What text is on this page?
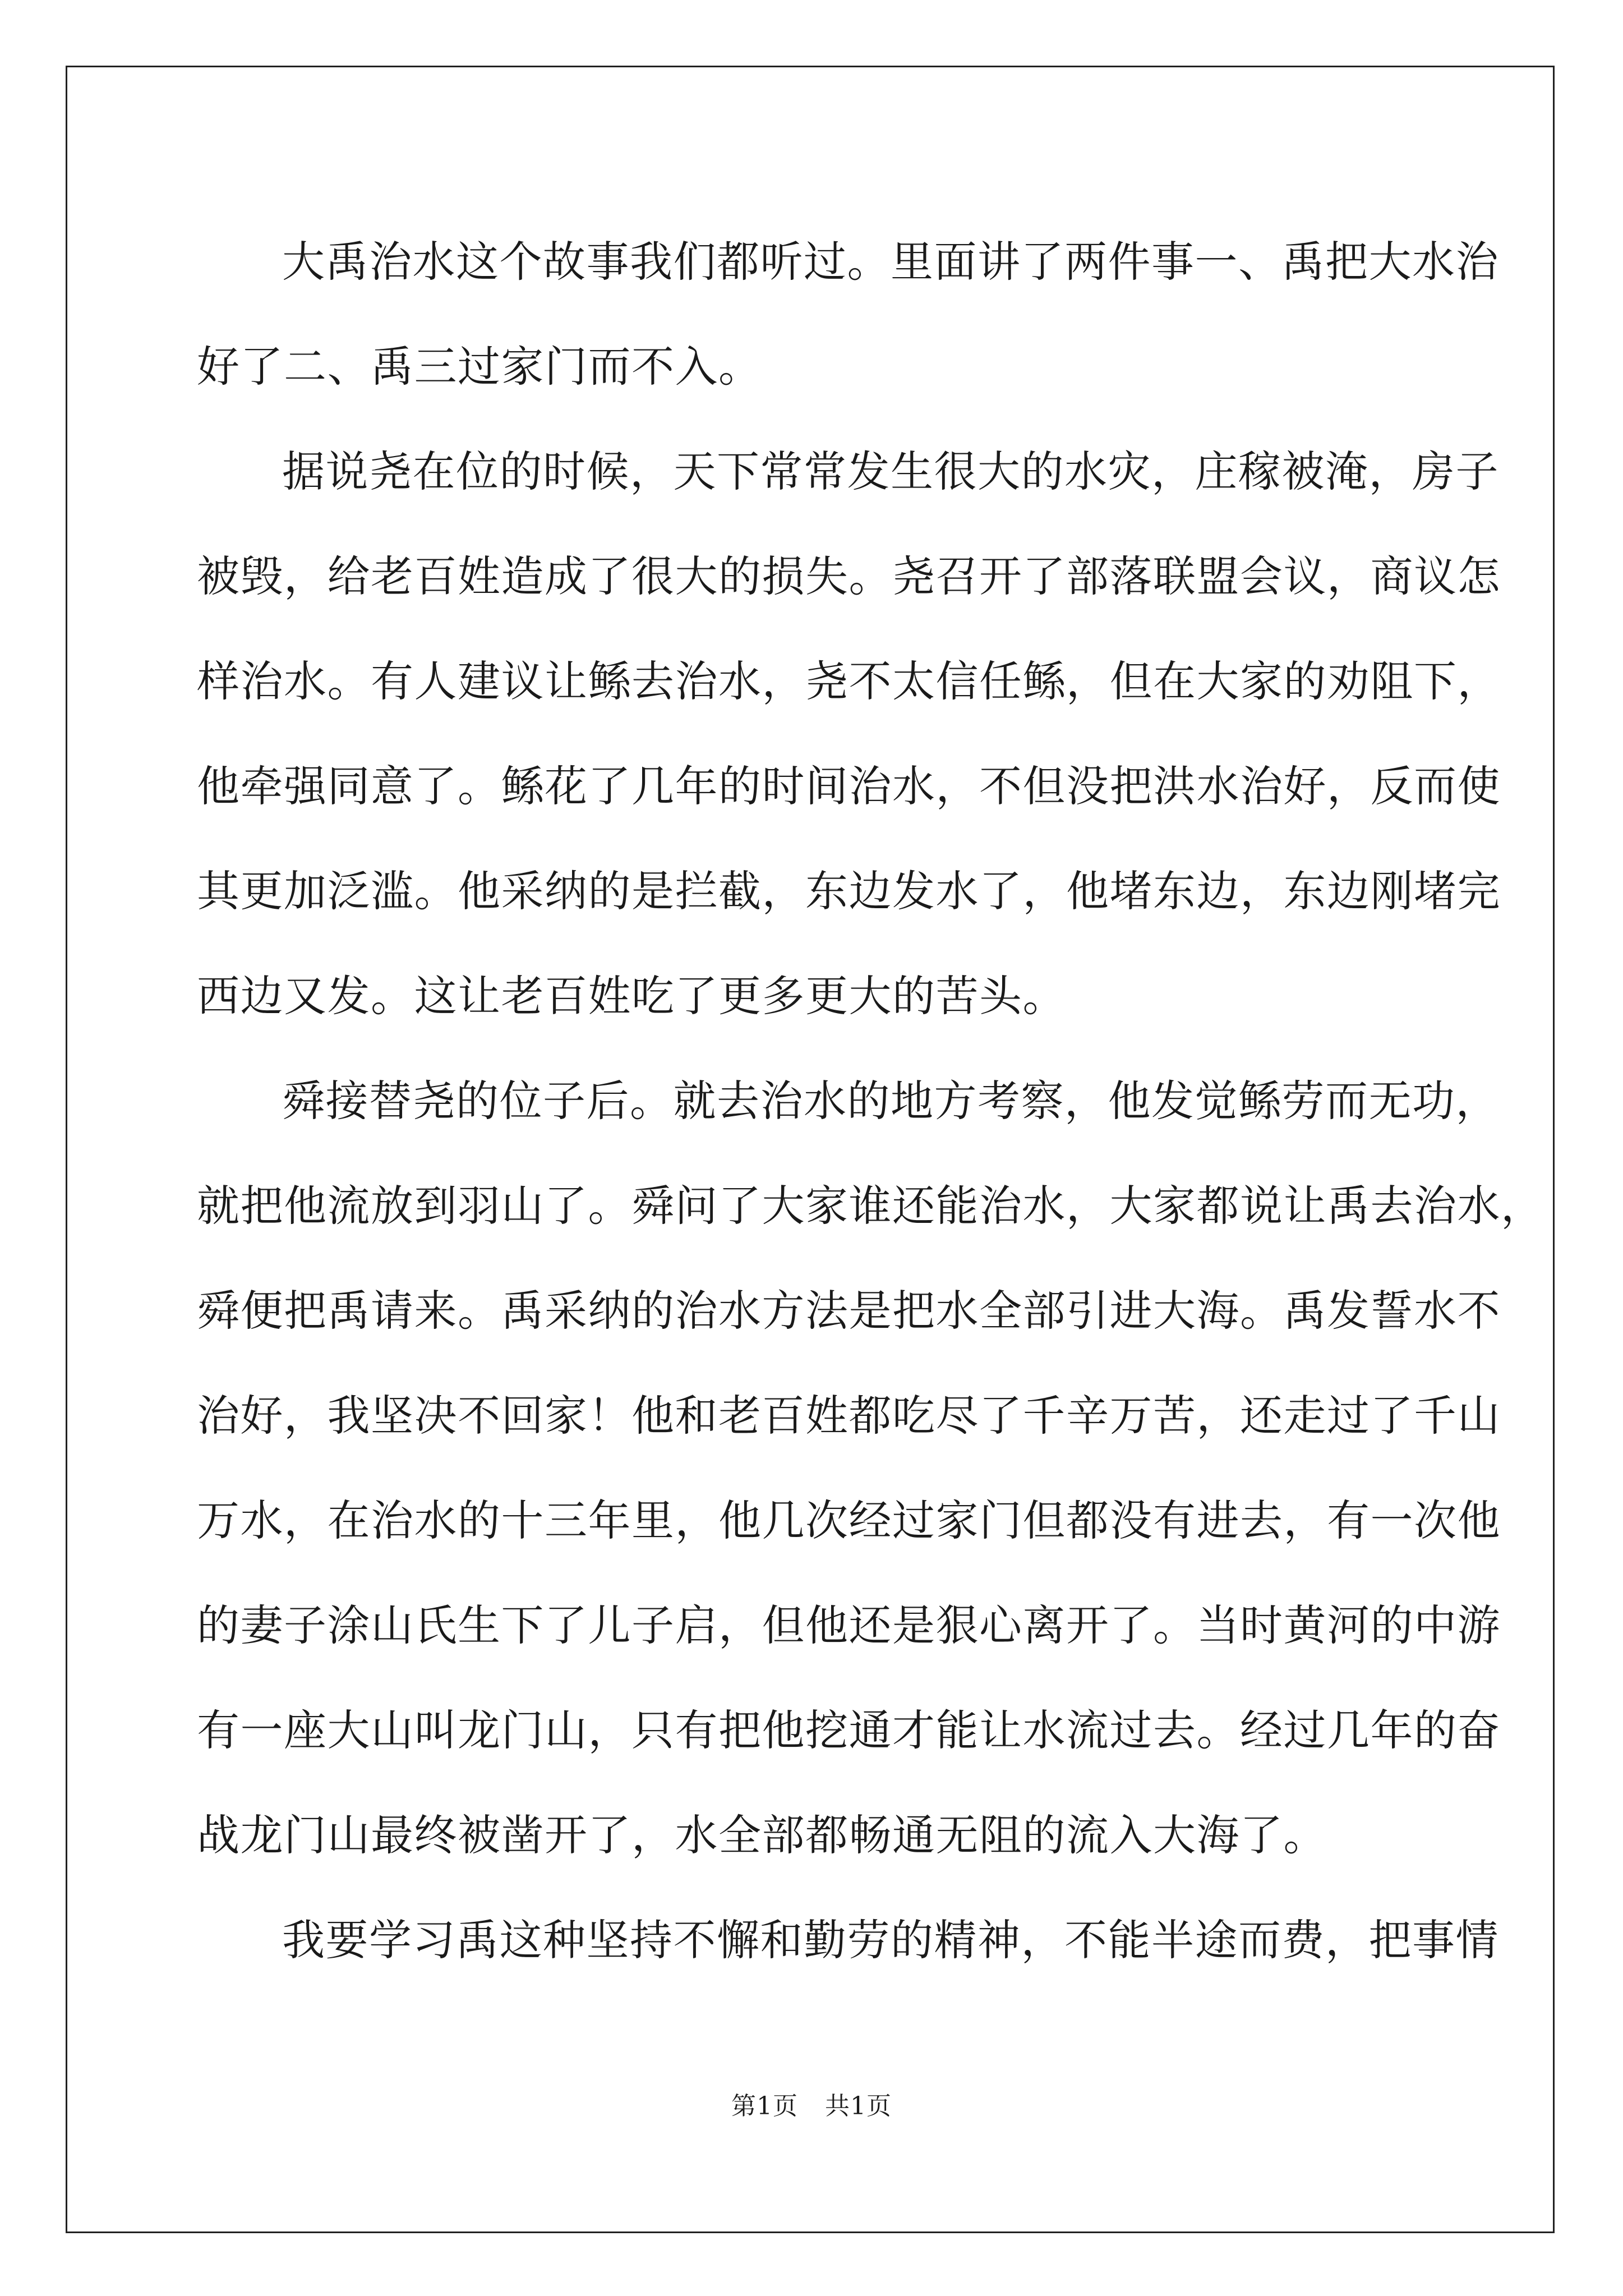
大禹治水这个故事我们都听过。里面讲了两件事一、禹把大水治
好了二、禹三过家门而不入。
据说尧在位的时候，天下常常发生很大的水灾，庄稼被淹，房子
被毁，给老百姓造成了很大的损失。尧召开了部落联盟会议，商议怎
样治水。有人建议让鲧去治水，尧不太信任鲧，但在大家的劝阻下，
他牵强同意了。鲧花了几年的时间治水，不但没把洪水治好，反而使
其更加泛滥。他采纳的是拦截，东边发水了，他堵东边，东边刚堵完
西边又发。这让老百姓吃了更多更大的苦头。
舜接替尧的位子后。就去治水的地方考察，他发觉鲧劳而无功，
就把他流放到羽山了。舜问了大家谁还能治水，大家都说让禹去治水，
舜便把禹请来。禹采纳的治水方法是把水全部引进大海。禹发誓水不
治好，我坚决不回家！他和老百姓都吃尽了千辛万苦，还走过了千山
万水，在治水的十三年里，他几次经过家门但都没有进去，有一次他
的妻子涂山氏生下了儿子启，但他还是狠心离开了。当时黄河的中游
有一座大山叫龙门山，只有把他挖通才能让水流过去。经过几年的奋
战龙门山最终被凿开了，水全部都畅通无阻的流入大海了。
我要学习禹这种坚持不懈和勤劳的精神，不能半途而费，把事情
第1页 共1页
